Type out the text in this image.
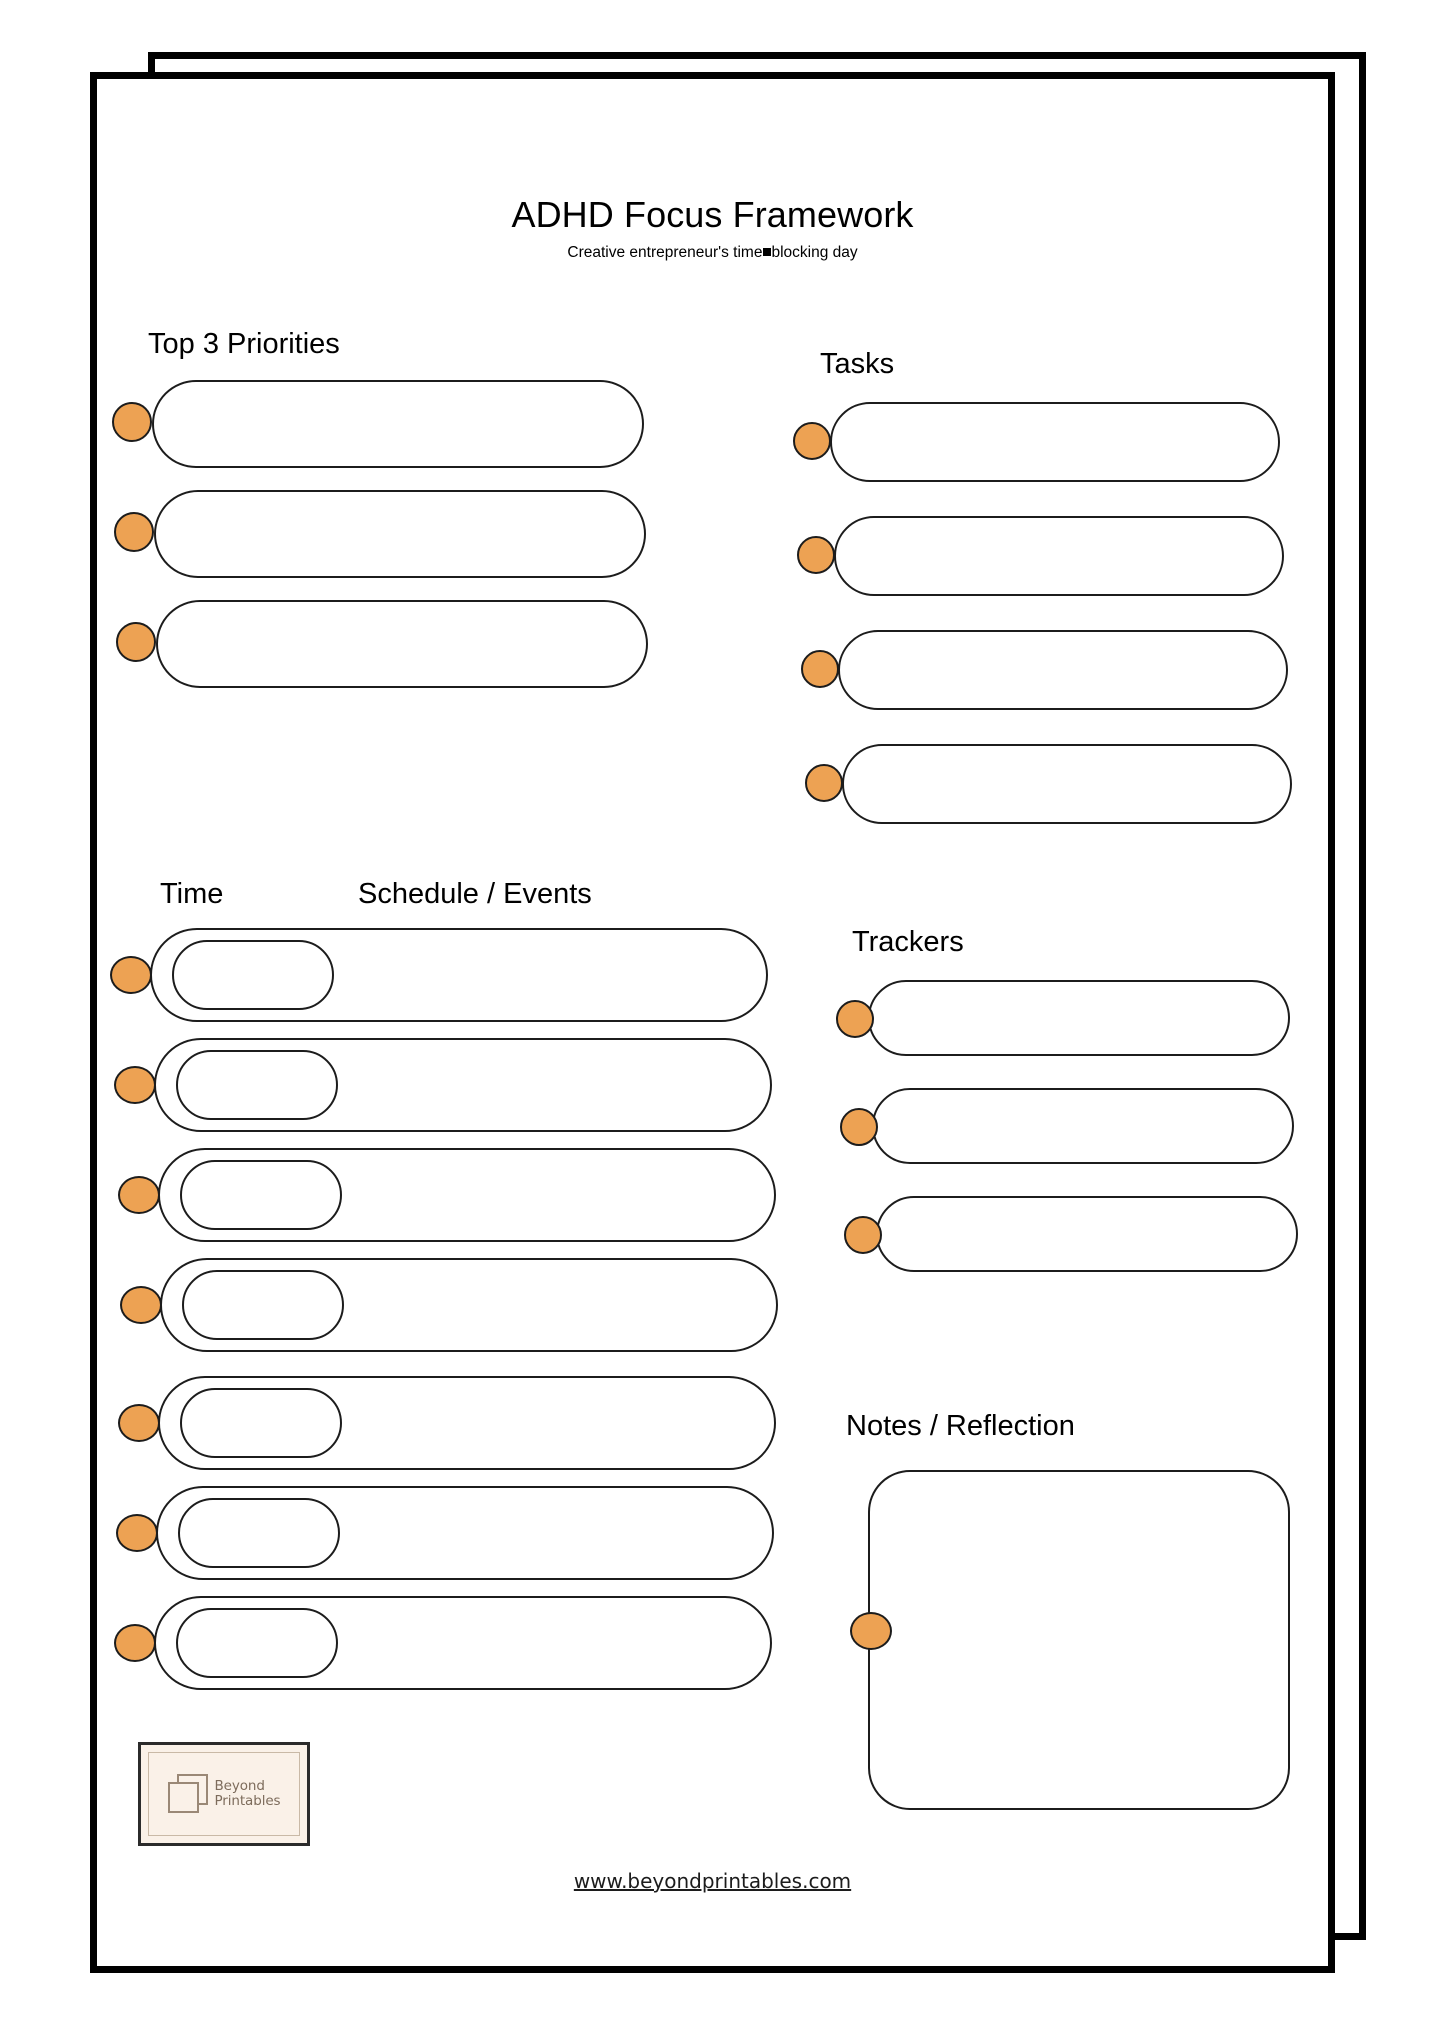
ADHD Focus Framework
Creative entrepreneur's time blocking day
Top 3 Priorities
Tasks
Time	Schedule / Events
Trackers
Notes / Reflection
Beyond
Printables
www.beyondprintables.com
